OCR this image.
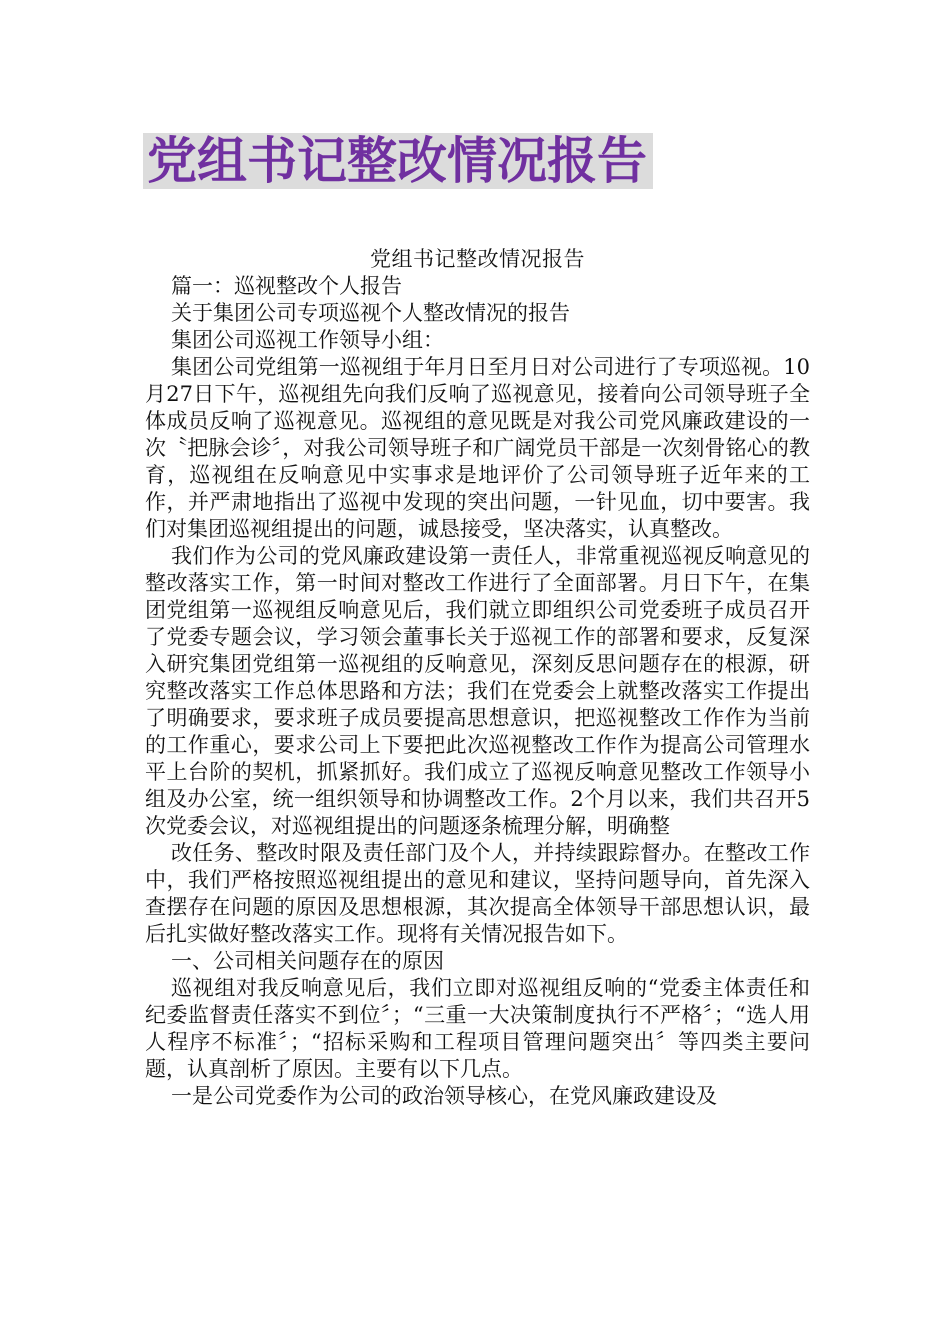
党组书记整改情况报告

党组书记整改情况报告

篇一：巡视整改个人报告

关于集团公司专项巡视个人整改情况的报告

集团公司巡视工作领导小组：

集团公司党组第一巡视组于年月日至月日对公司进行了专项巡视。10月27日下午，巡视组先向我们反响了巡视意见，接着向公司领导班子全体成员反响了巡视意见。巡视组的意见既是对我公司党风廉政建设的一次〝把脉会诊〞，对我公司领导班子和广阔党员干部是一次刻骨铭心的教育，巡视组在反响意见中实事求是地评价了公司领导班子近年来的工作，并严肃地指出了巡视中发现的突出问题，一针见血，切中要害。我们对集团巡视组提出的问题，诚恳接受，坚决落实，认真整改。

我们作为公司的党风廉政建设第一责任人，非常重视巡视反响意见的整改落实工作，第一时间对整改工作进行了全面部署。月日下午，在集团党组第一巡视组反响意见后，我们就立即组织公司党委班子成员召开了党委专题会议，学习领会董事长关于巡视工作的部署和要求，反复深入研究集团党组第一巡视组的反响意见，深刻反思问题存在的根源，研究整改落实工作总体思路和方法；我们在党委会上就整改落实工作提出了明确要求，要求班子成员要提高思想意识，把巡视整改工作作为当前的工作重心，要求公司上下要把此次巡视整改工作作为提高公司管理水平上台阶的契机，抓紧抓好。我们成立了巡视反响意见整改工作领导小组及办公室，统一组织领导和协调整改工作。2个月以来，我们共召开5次党委会议，对巡视组提出的问题逐条梳理分解，明确整

改任务、整改时限及责任部门及个人，并持续跟踪督办。在整改工作中，我们严格按照巡视组提出的意见和建议，坚持问题导向，首先深入查摆存在问题的原因及思想根源，其次提高全体领导干部思想认识，最后扎实做好整改落实工作。现将有关情况报告如下。

一、公司相关问题存在的原因

巡视组对我反响意见后，我们立即对巡视组反响的“党委主体责任和纪委监督责任落实不到位〞；“三重一大决策制度执行不严格〞；“选人用人程序不标准〞；“招标采购和工程项目管理问题突出〞等四类主要问题，认真剖析了原因。主要有以下几点。

一是公司党委作为公司的政治领导核心，在党风廉政建设及
